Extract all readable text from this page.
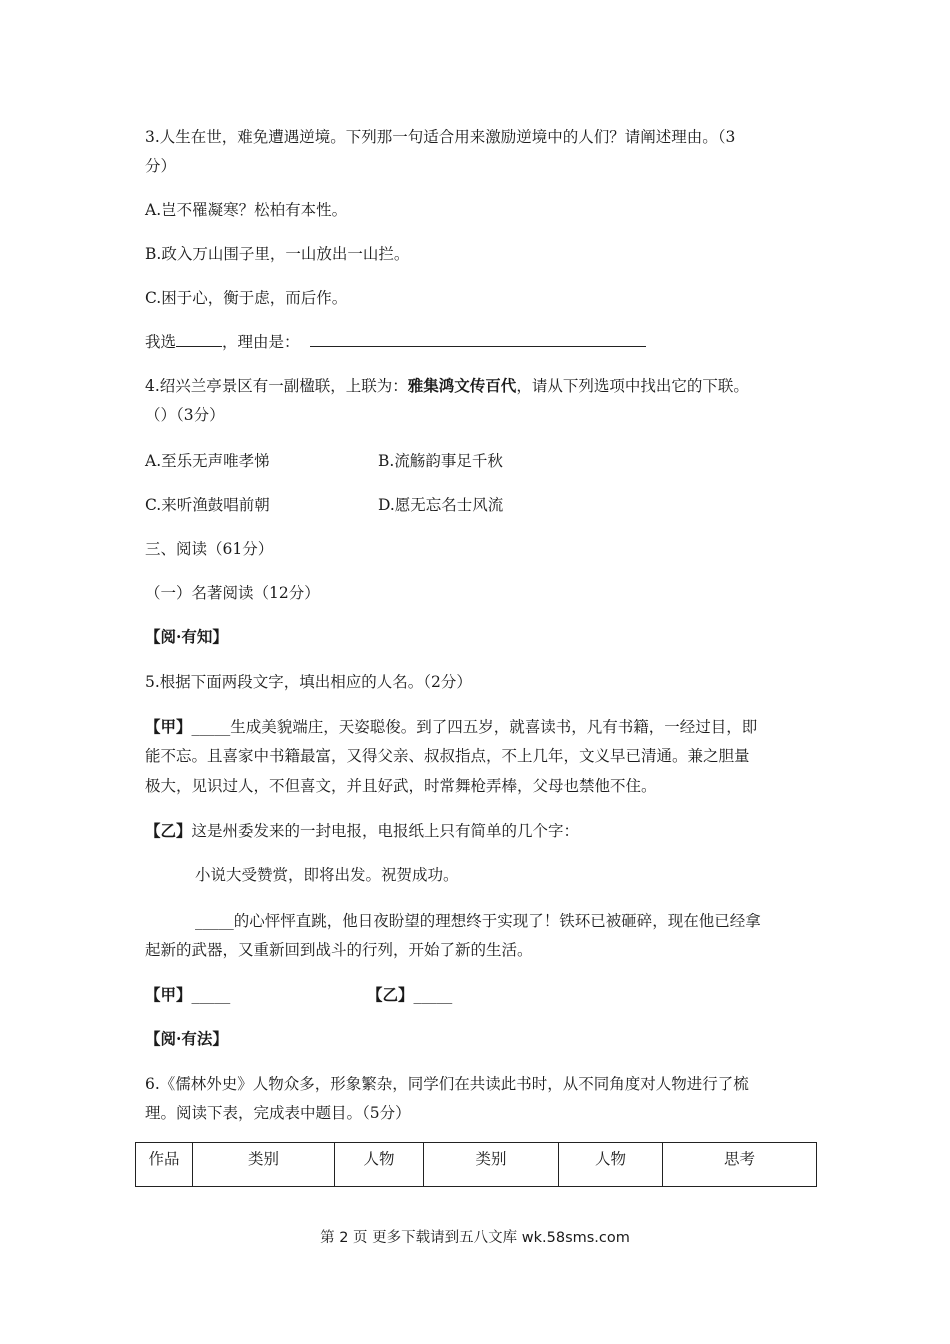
3.人生在世，难免遭遇逆境。下列那一句适合用来激励逆境中的人们？请阐述理由。（3
分）
A.岂不罹凝寒？松柏有本性。
B.政入万山围子里，一山放出一山拦。
C.困于心，衡于虑，而后作。
我选	，理由是：
4.绍兴兰亭景区有一副楹联，上联为：雅集鸿文传百代，请从下列选项中找出它的下联。
（）（3分）
A.至乐无声唯孝悌	B.流觞韵事足千秋
C.来听渔鼓唱前朝	D.愿无忘名士风流
三、阅读（61分）
（一）名著阅读（12分）
【阅·有知】
5.根据下面两段文字，填出相应的人名。（2分）
【甲】_____生成美貌端庄，天姿聪俊。到了四五岁，就喜读书，凡有书籍，一经过目，即
能不忘。且喜家中书籍最富，又得父亲、叔叔指点，不上几年，文义早已清通。兼之胆量
极大，见识过人，不但喜文，并且好武，时常舞枪弄棒，父母也禁他不住。
【乙】这是州委发来的一封电报，电报纸上只有简单的几个字：
小说大受赞赏，即将出发。祝贺成功。
_____的心怦怦直跳，他日夜盼望的理想终于实现了！铁环已被砸碎，现在他已经拿
起新的武器，又重新回到战斗的行列，开始了新的生活。
【甲】_____	【乙】_____
【阅·有法】
6.《儒林外史》人物众多，形象繁杂，同学们在共读此书时，从不同角度对人物进行了梳
理。阅读下表，完成表中题目。（5分）
作品	类别	人物	类别	人物	思考
第 2 页 更多下载请到五八文库 wk.58sms.com
